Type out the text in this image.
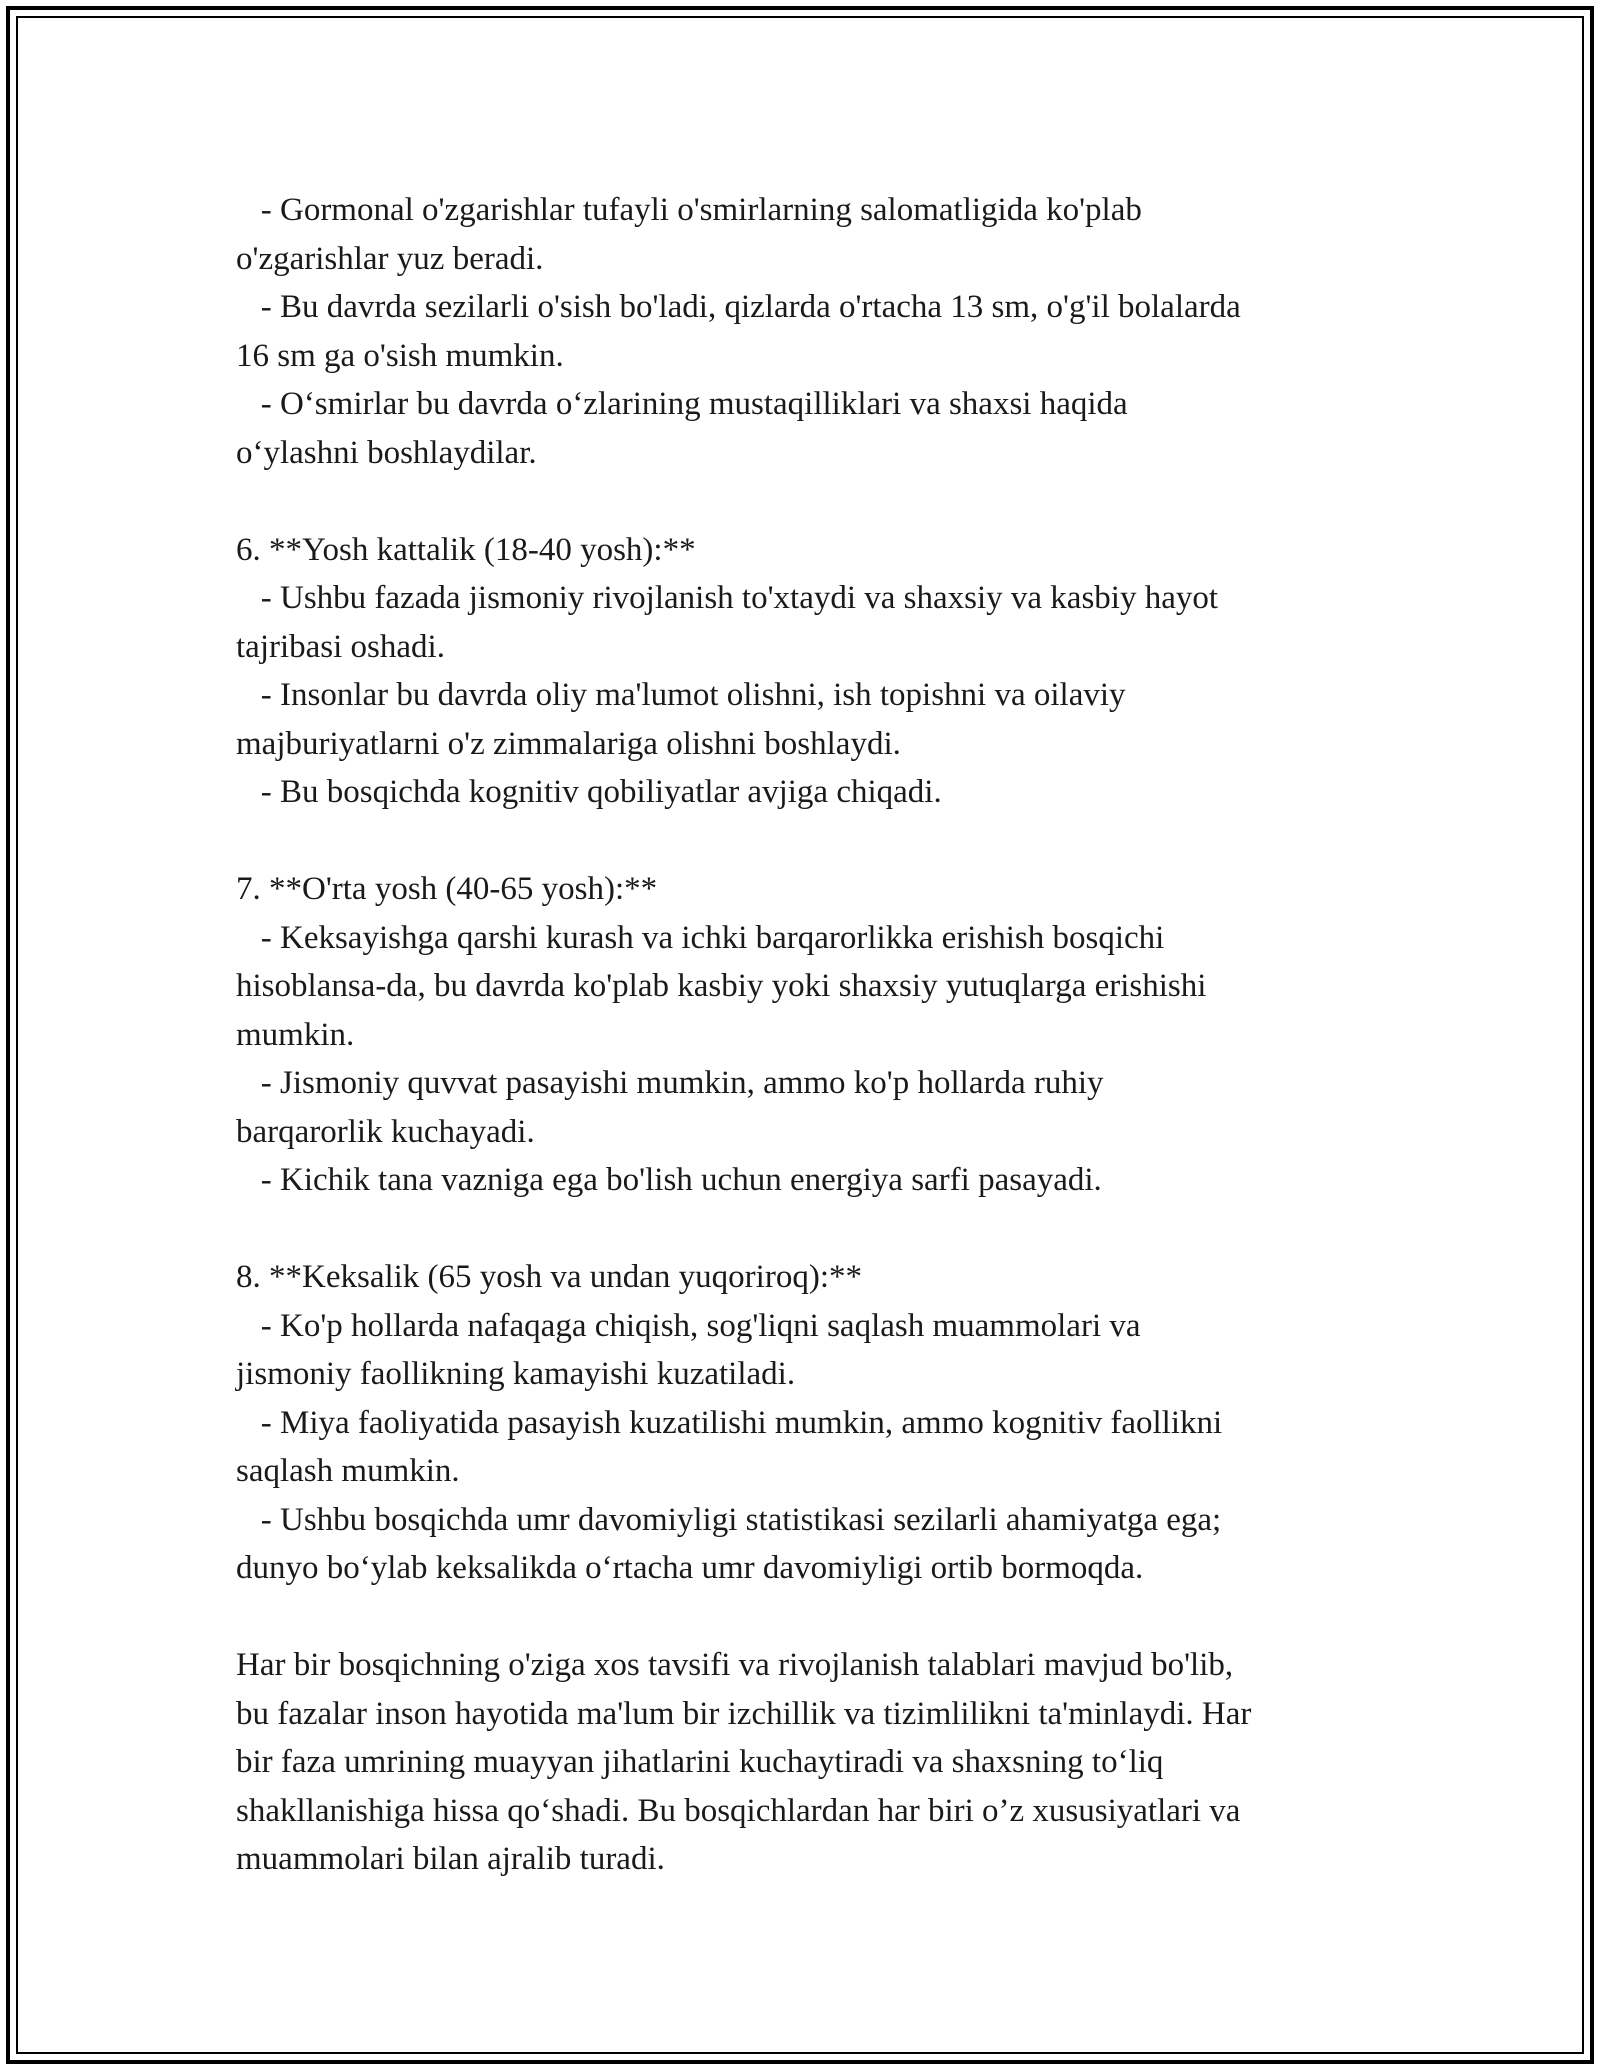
- Gormonal o'zgarishlar tufayli o'smirlarning salomatligida ko'plab

o'zgarishlar yuz beradi.

- Bu davrda sezilarli o'sish bo'ladi, qizlarda o'rtacha 13 sm, o'g'il bolalarda

16 sm ga o'sish mumkin.

- O‘smirlar bu davrda o‘zlarining mustaqilliklari va shaxsi haqida

o‘ylashni boshlaydilar.

6. **Yosh kattalik (18-40 yosh):**

- Ushbu fazada jismoniy rivojlanish to'xtaydi va shaxsiy va kasbiy hayot

tajribasi oshadi.

- Insonlar bu davrda oliy ma'lumot olishni, ish topishni va oilaviy

majburiyatlarni o'z zimmalariga olishni boshlaydi.

- Bu bosqichda kognitiv qobiliyatlar avjiga chiqadi.

7. **O'rta yosh (40-65 yosh):**

- Keksayishga qarshi kurash va ichki barqarorlikka erishish bosqichi

hisoblansa-da, bu davrda ko'plab kasbiy yoki shaxsiy yutuqlarga erishishi

mumkin.

- Jismoniy quvvat pasayishi mumkin, ammo ko'p hollarda ruhiy

barqarorlik kuchayadi.

- Kichik tana vazniga ega bo'lish uchun energiya sarfi pasayadi.

8. **Keksalik (65 yosh va undan yuqoriroq):**

- Ko'p hollarda nafaqaga chiqish, sog'liqni saqlash muammolari va

jismoniy faollikning kamayishi kuzatiladi.

- Miya faoliyatida pasayish kuzatilishi mumkin, ammo kognitiv faollikni

saqlash mumkin.

- Ushbu bosqichda umr davomiyligi statistikasi sezilarli ahamiyatga ega;

dunyo bo‘ylab keksalikda o‘rtacha umr davomiyligi ortib bormoqda.

Har bir bosqichning o'ziga xos tavsifi va rivojlanish talablari mavjud bo'lib,

bu fazalar inson hayotida ma'lum bir izchillik va tizimlilikni ta'minlaydi. Har

bir faza umrining muayyan jihatlarini kuchaytiradi va shaxsning to‘liq

shakllanishiga hissa qo‘shadi. Bu bosqichlardan har biri o’z xususiyatlari va

muammolari bilan ajralib turadi.
